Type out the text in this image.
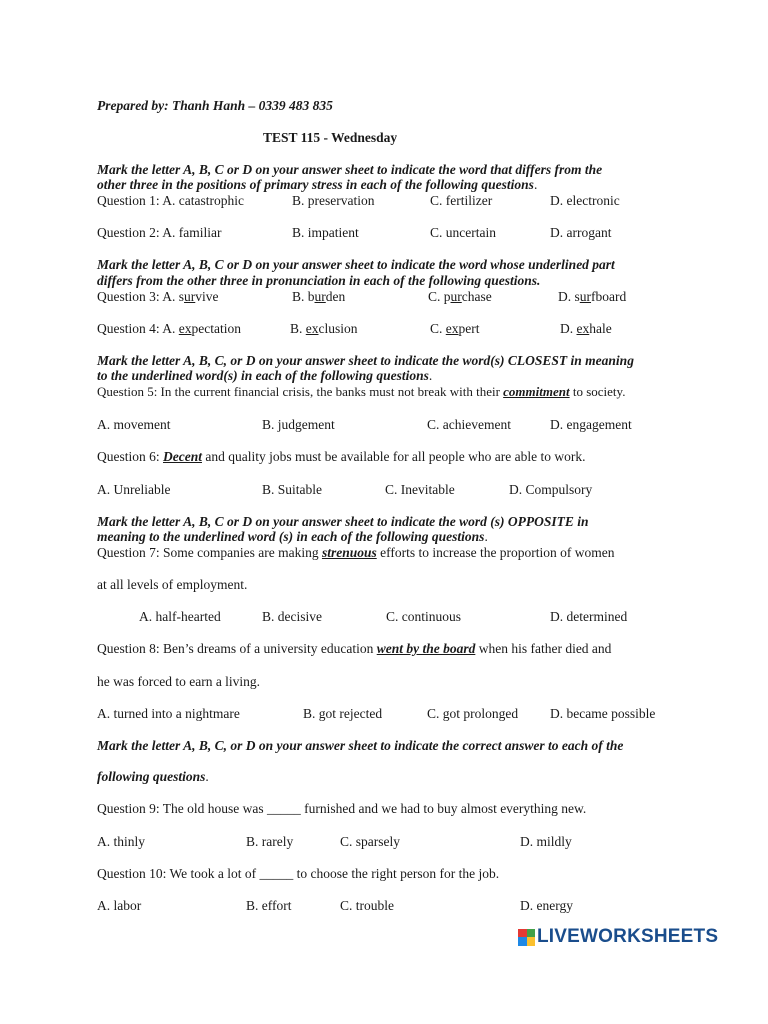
Prepared by: Thanh Hanh – 0339 483 835
TEST 115 - Wednesday
Mark the letter A, B, C or D on your answer sheet to indicate the word that differs from the
other three in the positions of primary stress in each of the following questions.
Question 1: A. catastrophic	B. preservation	C. fertilizer	D. electronic
Question 2: A. familiar	B. impatient	C. uncertain	D. arrogant
Mark the letter A, B, C or D on your answer sheet to indicate the word whose underlined part
differs from the other three in pronunciation in each of the following questions.
Question 3: A. survive	B. burden	C. purchase	D. surfboard
Question 4: A. expectation	B. exclusion	C. expert	D. exhale
Mark the letter A, B, C, or D on your answer sheet to indicate the word(s) CLOSEST in meaning
to the underlined word(s) in each of the following questions.
Question 5: In the current financial crisis, the banks must not break with their commitment to society.
A. movement	B. judgement	C. achievement	D. engagement
Question 6: Decent and quality jobs must be available for all people who are able to work.
A. Unreliable	B. Suitable	C. Inevitable	D. Compulsory
Mark the letter A, B, C or D on your answer sheet to indicate the word (s) OPPOSITE in
meaning to the underlined word (s) in each of the following questions.
Question 7: Some companies are making strenuous efforts to increase the proportion of women
at all levels of employment.
A. half-hearted	B. decisive	C. continuous	D. determined
Question 8: Ben’s dreams of a university education went by the board when his father died and
he was forced to earn a living.
A. turned into a nightmare	B. got rejected	C. got prolonged D. became possible
Mark the letter A, B, C, or D on your answer sheet to indicate the correct answer to each of the
following questions.
Question 9: The old house was _____ furnished and we had to buy almost everything new.
A. thinly	B. rarely	C. sparsely	D. mildly
Question 10: We took a lot of _____ to choose the right person for the job.
A. labor	B. effort	C. trouble	D. energy
LIVEWORKSHEETS
